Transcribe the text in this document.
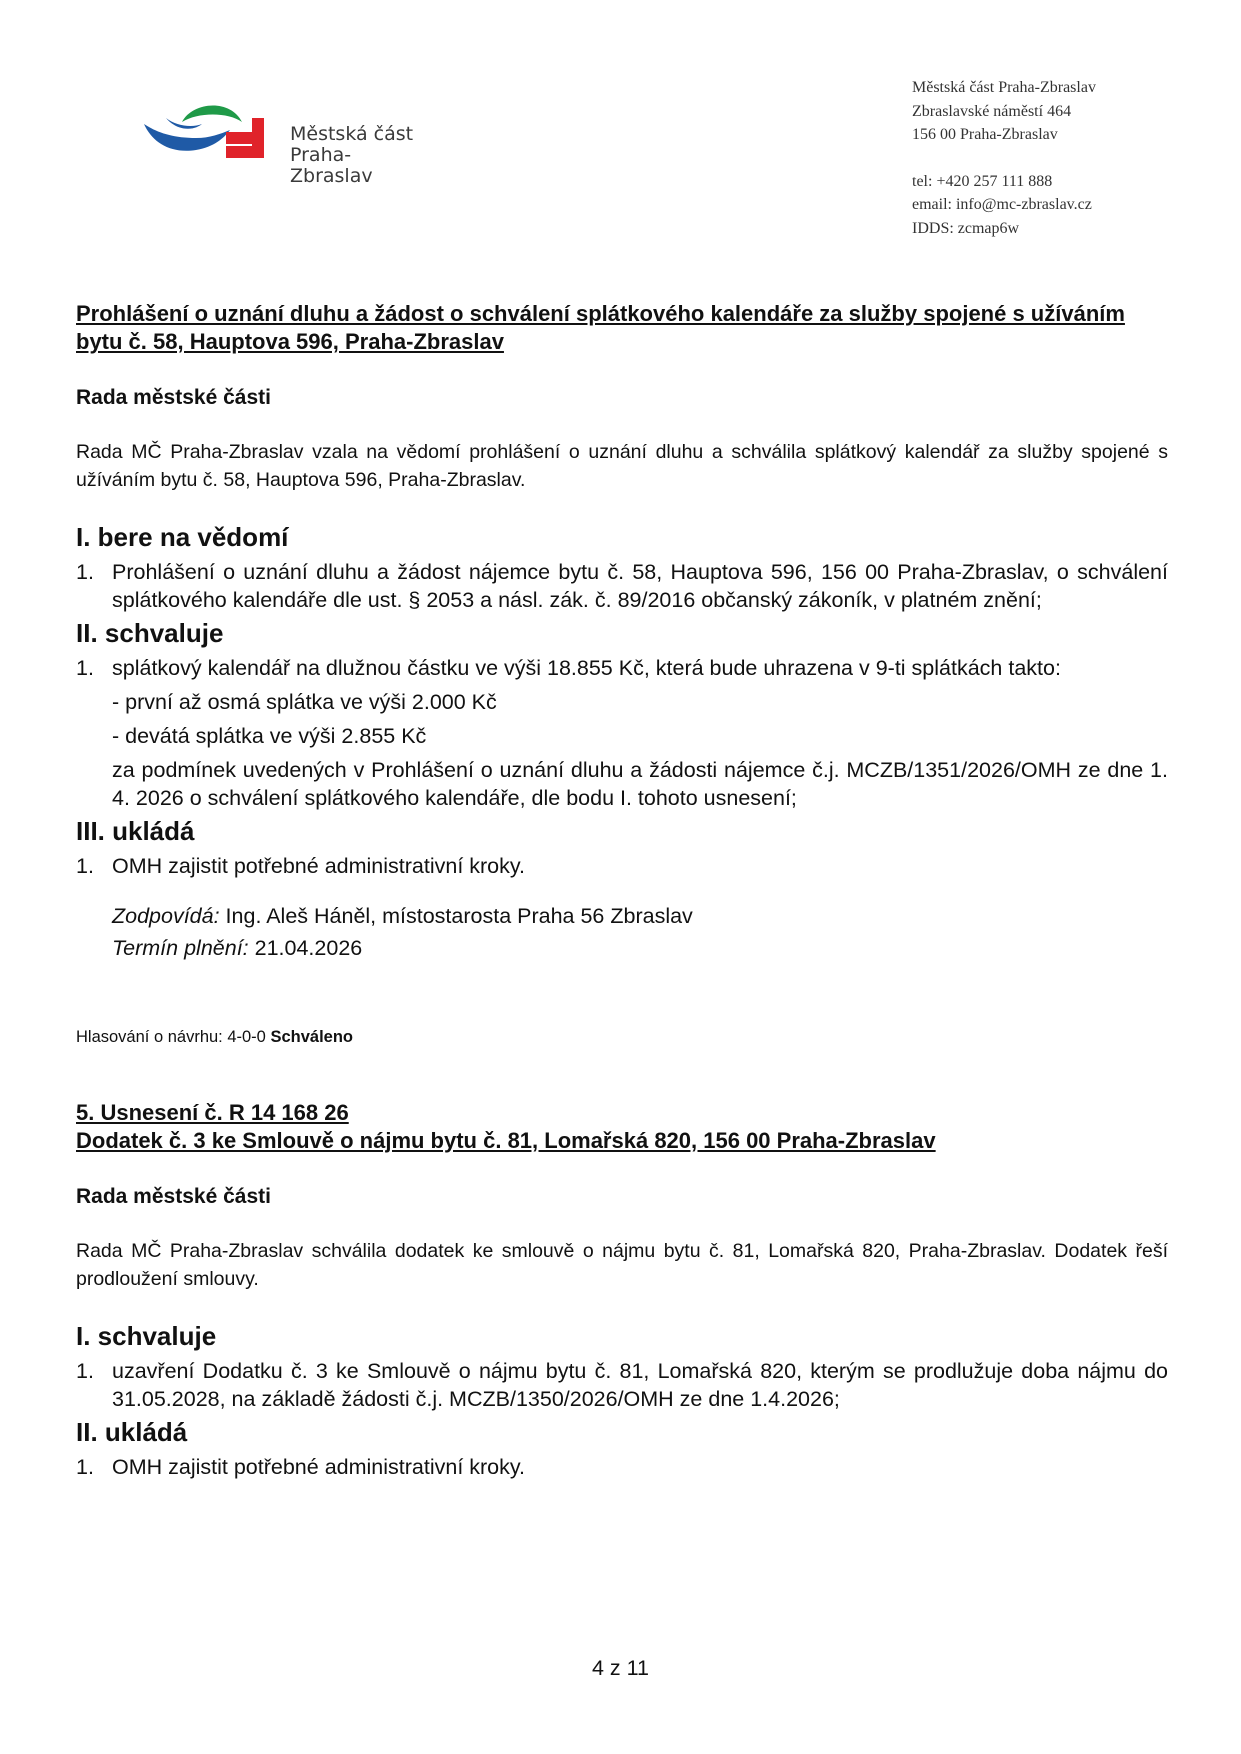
Městská část
Praha-Zbraslav
Městská část Praha-Zbraslav
Zbraslavské náměstí 464
156 00 Praha-Zbraslav
tel: +420 257 111 888
email: info@mc-zbraslav.cz
IDDS: zcmap6w
Prohlášení o uznání dluhu a žádost o schválení splátkového kalendáře za služby spojené s užíváním bytu č. 58, Hauptova 596, Praha-Zbraslav
Rada městské části
Rada MČ Praha-Zbraslav vzala na vědomí prohlášení o uznání dluhu a schválila splátkový kalendář za služby spojené s užíváním bytu č. 58, Hauptova 596, Praha-Zbraslav.
I. bere na vědomí
1. Prohlášení o uznání dluhu a žádost nájemce bytu č. 58, Hauptova 596, 156 00 Praha-Zbraslav, o schválení splátkového kalendáře dle ust. § 2053 a násl. zák. č. 89/2016 občanský zákoník, v platném znění;
II. schvaluje
1. splátkový kalendář na dlužnou částku ve výši 18.855 Kč, která bude uhrazena v 9-ti splátkách takto:
- první až osmá splátka ve výši 2.000 Kč
- devátá splátka ve výši 2.855 Kč
za podmínek uvedených v Prohlášení o uznání dluhu a žádosti nájemce č.j. MCZB/1351/2026/OMH ze dne 1. 4. 2026 o schválení splátkového kalendáře, dle bodu I. tohoto usnesení;
III. ukládá
1. OMH zajistit potřebné administrativní kroky.
Zodpovídá: Ing. Aleš Háněl, místostarosta Praha 56 Zbraslav
Termín plnění: 21.04.2026
Hlasování o návrhu: 4-0-0 Schváleno
5. Usnesení č. R 14 168 26
Dodatek č. 3 ke Smlouvě o nájmu bytu č. 81, Lomařská 820, 156 00 Praha-Zbraslav
Rada městské části
Rada MČ Praha-Zbraslav schválila dodatek ke smlouvě o nájmu bytu č. 81, Lomařská 820, Praha-Zbraslav. Dodatek řeší prodloužení smlouvy.
I. schvaluje
1. uzavření Dodatku č. 3 ke Smlouvě o nájmu bytu č. 81, Lomařská 820, kterým se prodlužuje doba nájmu do 31.05.2028, na základě žádosti č.j. MCZB/1350/2026/OMH ze dne 1.4.2026;
II. ukládá
1. OMH zajistit potřebné administrativní kroky.
4 z 11
